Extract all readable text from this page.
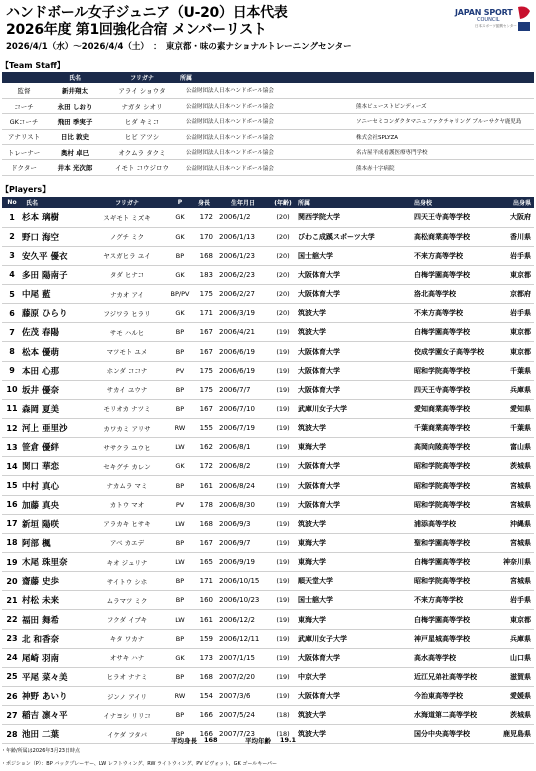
ハンドボール女子ジュニア（U-20）日本代表
2026年度 第1回強化合宿 メンバーリスト
JAPAN SPORT
COUNCIL
日本スポーツ振興センター
2026/4/1（水）～2026/4/4（土）　：　東京都・味の素ナショナルトレーニングセンター
【Team Staff】
	氏名	フリガナ	所属	
監督	新井翔太	アライ ショウタ	公益財団法人日本ハンドボール協会	
コーチ	永田 しおり	ナガタ シオリ	公益財団法人日本ハンドボール協会	熊本ビューストピンディーズ
GKコーチ	飛田 季実子	ヒダ キミコ	公益財団法人日本ハンドボール協会	ソニーセミコンダクタマニュファクチャリング ブルーサクヤ鹿児島
アナリスト	日比 敦史	ヒビ アツシ	公益財団法人日本ハンドボール協会	株式会社SPLYZA
トレーナー	奥村 卓巳	オクムラ タクミ	公益財団法人日本ハンドボール協会	名古屋平成看護医療専門学校
ドクター	井本 光次郎	イモト コウジロウ	公益財団法人日本ハンドボール協会	熊本赤十字病院
【Players】
No	氏名	フリガナ	P	身長	生年月日	(年齢)	所属	出身校	出身県
1	杉本 璃樹	スギモト ミズキ	GK	172	2006/1/2	(20)	関西学院大学	四天王寺高等学校	大阪府
2	野口 海空	ノグチ ミク	GK	170	2006/1/13	(20)	びわこ成蹊スポーツ大学	高松商業高等学校	香川県
3	安久平 優衣	ヤスガヒラ ユイ	BP	168	2006/1/23	(20)	国士舘大学	不来方高等学校	岩手県
4	多田 陽南子	タダ ヒナコ	GK	183	2006/2/23	(20)	大阪体育大学	白梅学園高等学校	東京都
5	中尾 藍	ナカオ アイ	BP/PV	175	2006/2/27	(20)	大阪体育大学	洛北高等学校	京都府
6	藤原 ひらり	フジワラ ヒラリ	GK	171	2006/3/19	(20)	筑波大学	不来方高等学校	岩手県
7	佐茂 春陽	サモ ハルヒ	BP	167	2006/4/21	(19)	筑波大学	白梅学園高等学校	東京都
8	松本 優萌	マツモト ユメ	BP	167	2006/6/19	(19)	大阪体育大学	佼成学園女子高等学校	東京都
9	本田 心那	ホンダ ココナ	PV	175	2006/6/19	(19)	大阪体育大学	昭和学院高等学校	千葉県
10	坂井 優奈	サカイ ユウナ	BP	175	2006/7/7	(19)	大阪体育大学	四天王寺高等学校	兵庫県
11	森岡 夏美	モリオカ ナツミ	BP	167	2006/7/10	(19)	武庫川女子大学	愛知商業高等学校	愛知県
12	河上 亜里沙	カワカミ アリサ	RW	155	2006/7/19	(19)	筑波大学	千葉商業高等学校	千葉県
13	笹倉 優絆	ササクラ ユウヒ	LW	162	2006/8/1	(19)	東海大学	高岡向陵高等学校	富山県
14	関口 華恋	セキグチ カレン	GK	172	2006/8/2	(19)	大阪体育大学	昭和学院高等学校	茨城県
15	中村 真心	ナカムラ マミ	BP	161	2006/8/24	(19)	大阪体育大学	昭和学院高等学校	宮城県
16	加藤 真央	カトウ マオ	PV	178	2006/8/30	(19)	大阪体育大学	昭和学院高等学校	宮城県
17	新垣 陽咲	アラカキ ヒサキ	LW	168	2006/9/3	(19)	筑波大学	浦添高等学校	沖縄県
18	阿部 楓	アベ カエデ	BP	167	2006/9/7	(19)	東海大学	聖和学園高等学校	宮城県
19	木尾 珠里奈	キオ ジュリナ	LW	165	2006/9/19	(19)	東海大学	白梅学園高等学校	神奈川県
20	齋藤 史歩	サイトウ シホ	BP	171	2006/10/15	(19)	順天堂大学	昭和学院高等学校	宮城県
21	村松 未来	ムラマツ ミク	BP	160	2006/10/23	(19)	国士舘大学	不来方高等学校	岩手県
22	福田 舞希	フクダ イブキ	LW	161	2006/12/2	(19)	東海大学	白梅学園高等学校	東京都
23	北 和香奈	キタ ワカナ	BP	159	2006/12/11	(19)	武庫川女子大学	神戸星城高等学校	兵庫県
24	尾崎 羽南	オサキ ハナ	GK	173	2007/1/15	(19)	大阪体育大学	高水高等学校	山口県
25	平尾 菜々美	ヒラオ ナナミ	BP	168	2007/2/20	(19)	中京大学	近江兄弟社高等学校	滋賀県
26	神野 あいり	ジンノ アイリ	RW	154	2007/3/6	(19)	大阪体育大学	今治東高等学校	愛媛県
27	稲吉 凛々平	イナヨシ リリコ	BP	166	2007/5/24	(18)	筑波大学	水海道第二高等学校	茨城県
28	池田 二葉	イケダ フタバ	BP	166	2007/7/23	(18)	筑波大学	国分中央高等学校	鹿児島県
平均身長 168	平均年齢 19.1
・年齢/所属は2026年3月23日時点
・ポジション（P）：BP バックプレーヤー、LW レフトウィング、RW ライトウィング、PV ピヴォット、GK ゴールキーパー
